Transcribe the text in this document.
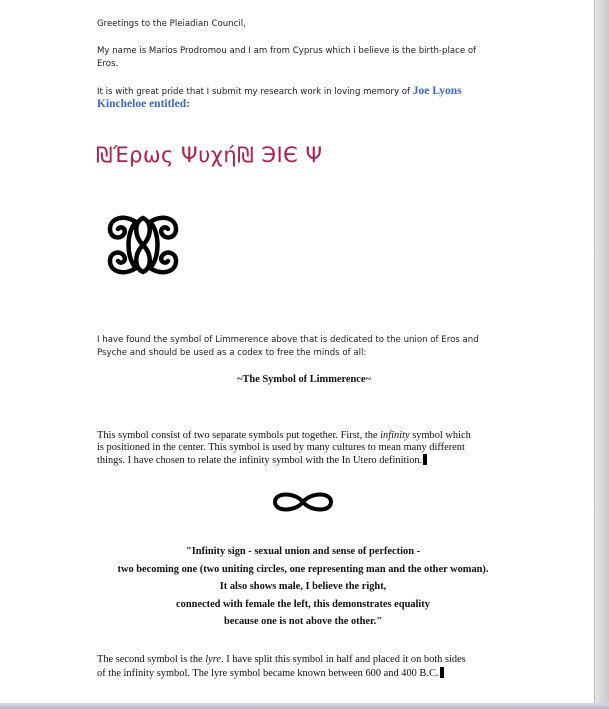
Greetings to the Pleiadian Council,
My name is Marios Prodromou and I am from Cyprus which i believe is the birth-place of
Eros.
It is with great pride that I submit my research work in loving memory of Joe Lyons
Kincheloe entitled:
₪Έρως Ψυχή₪ ЭIЄ Ψ
I have found the symbol of Limmerence above that is dedicated to the union of Eros and
Psyche and should be used as a codex to free the minds of all:
~The Symbol of Limmerence~
This symbol consist of two separate symbols put together. First, the infinity symbol which
is positioned in the center. This symbol is used by many cultures to mean many different
things. I have chosen to relate the infinity symbol with the In Utero definition.
"Infinity sign - sexual union and sense of perfection -
two becoming one (two uniting circles, one representing man and the other woman).
It also shows male, I believe the right,
connected with female the left, this demonstrates equality
because one is not above the other."
The second symbol is the lyre. I have split this symbol in half and placed it on both sides
of the infinity symbol. The lyre symbol became known between 600 and 400 B.C.
